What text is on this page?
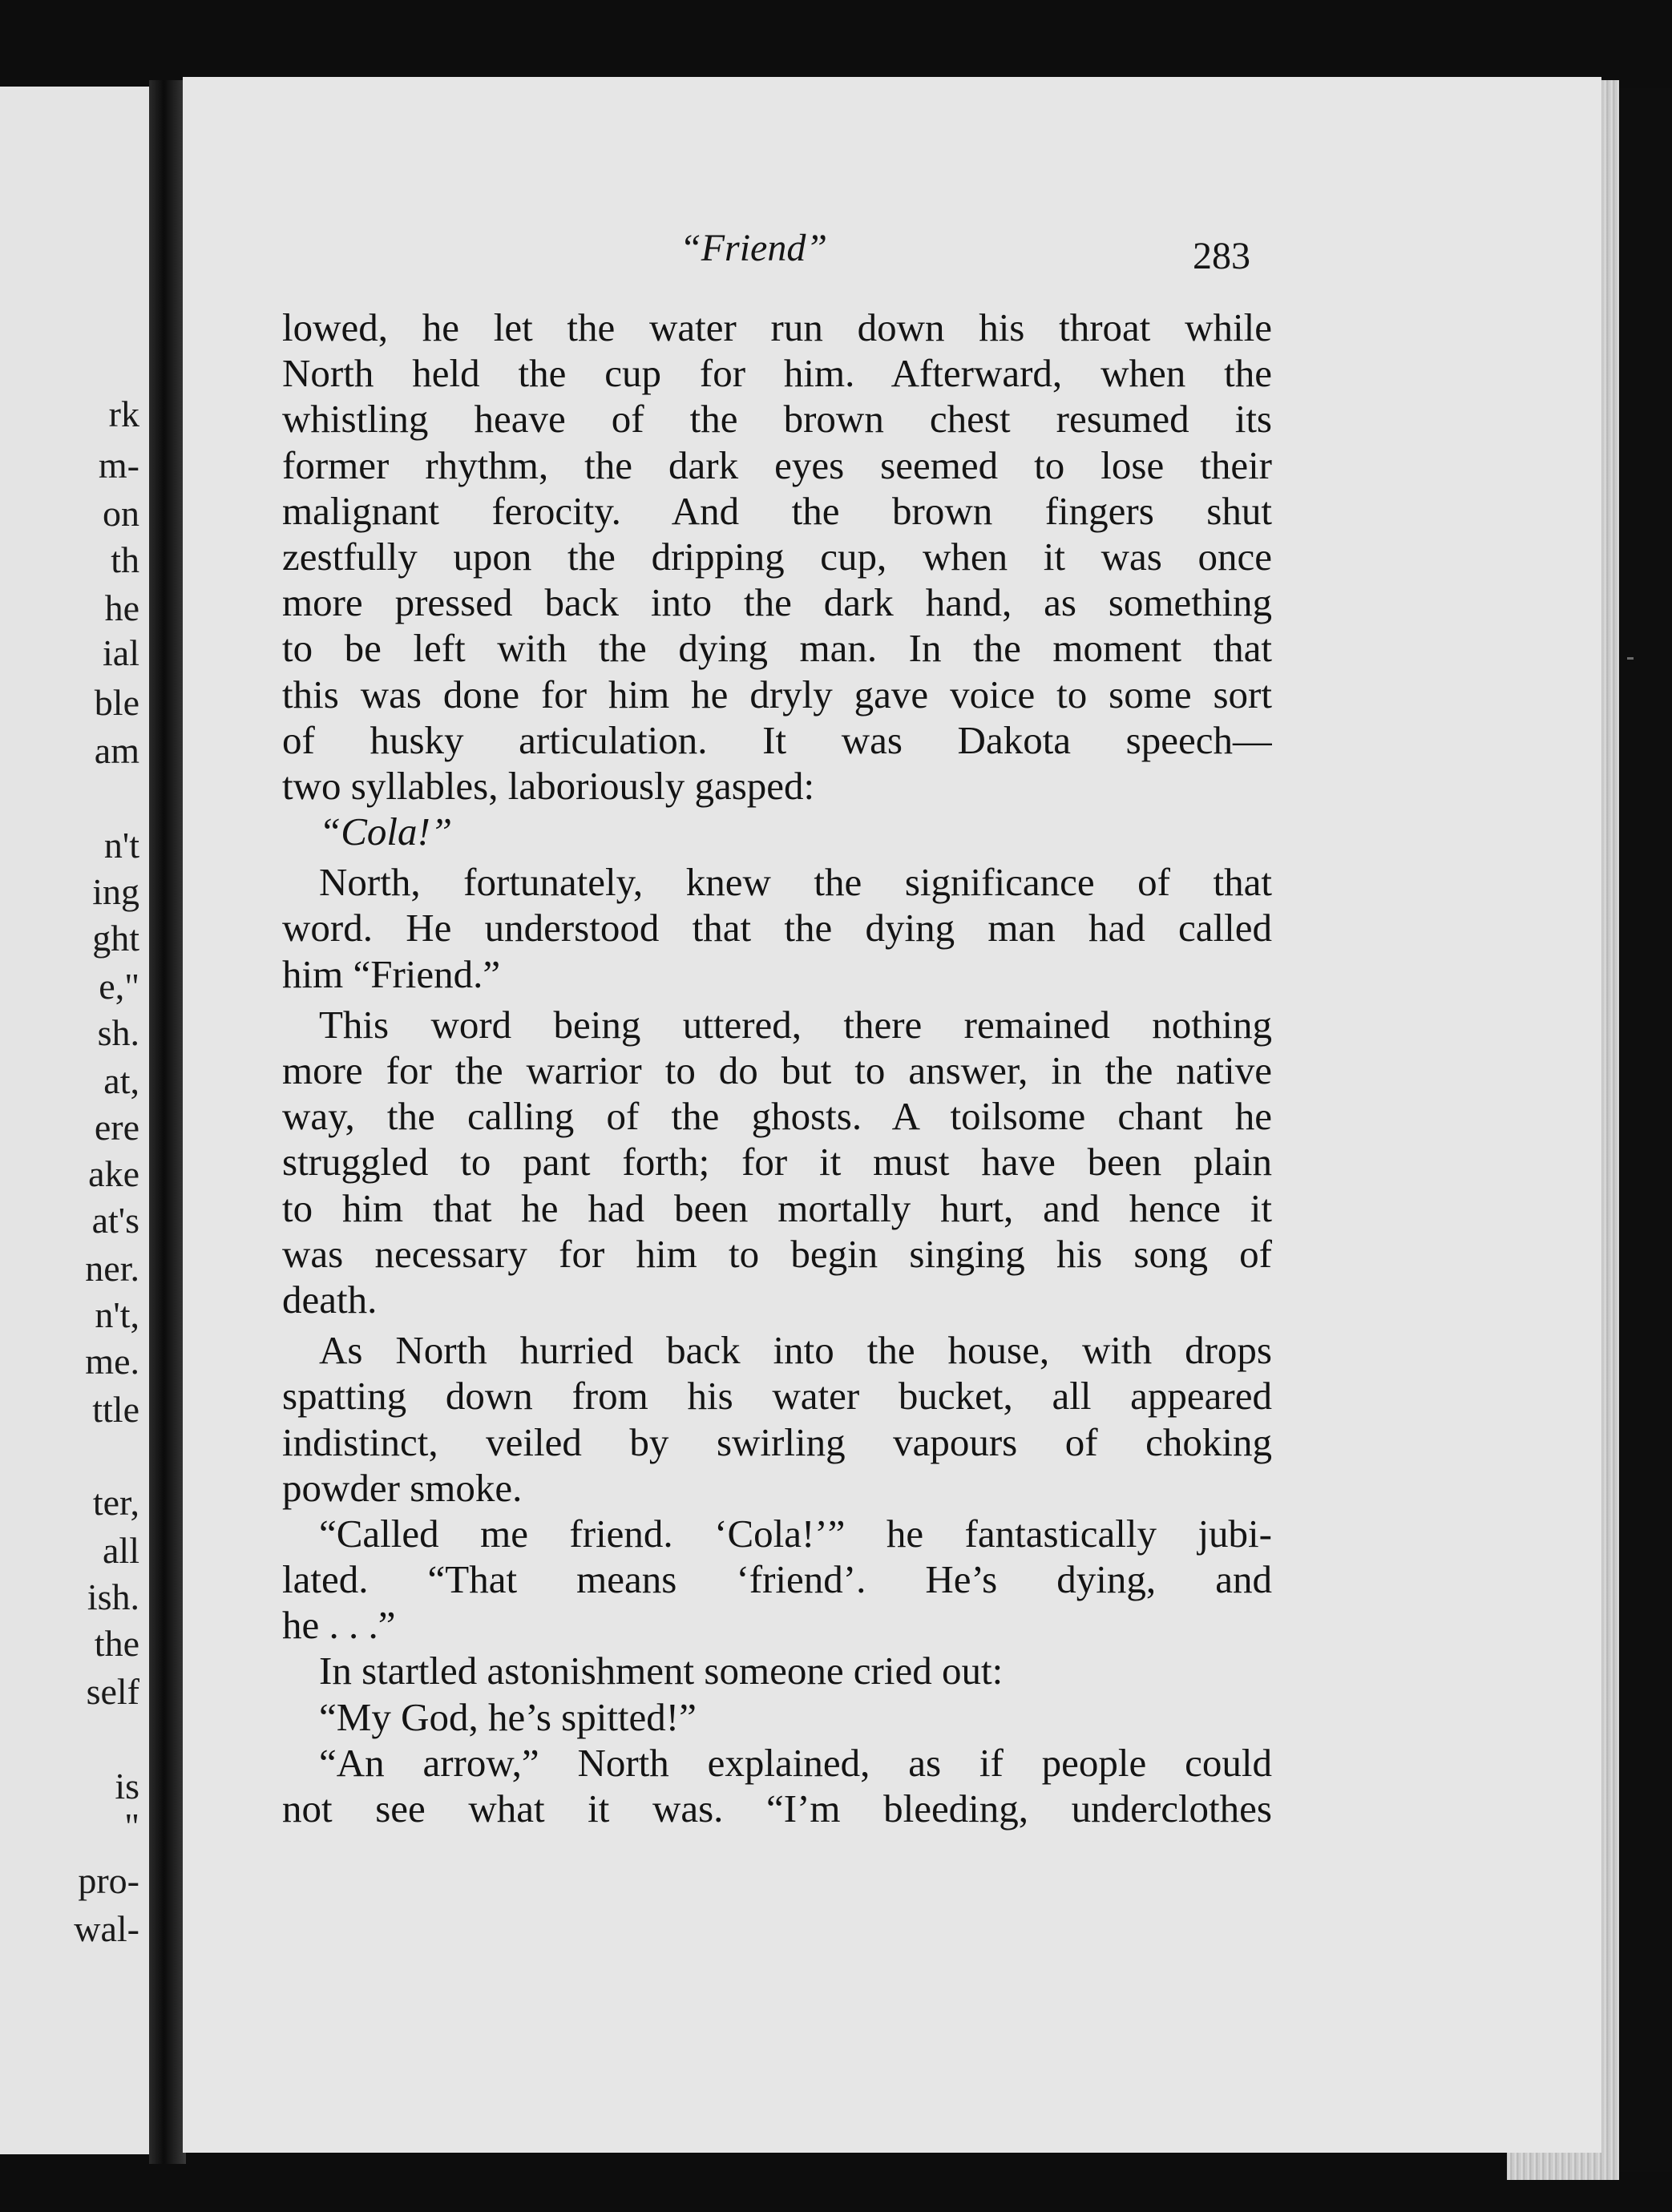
rk
m-
on
th
he
ial
ble
am
n't
ing
ght
e,"
sh.
at,
ere
ake
at's
ner.
n't,
me.
ttle
ter,
all
ish.
the
self
is
"
pro-
wal-
“Friend”	283
lowed, he let the water run down his throat while
North held the cup for him. Afterward, when the
whistling heave of the brown chest resumed its
former rhythm, the dark eyes seemed to lose their
malignant ferocity. And the brown fingers shut
zestfully upon the dripping cup, when it was once
more pressed back into the dark hand, as something
to be left with the dying man. In the moment that
this was done for him he dryly gave voice to some sort
of husky articulation. It was Dakota speech—
two syllables, laboriously gasped:
“Cola!”
North, fortunately, knew the significance of that
word. He understood that the dying man had called
him “Friend.”
This word being uttered, there remained nothing
more for the warrior to do but to answer, in the native
way, the calling of the ghosts. A toilsome chant he
struggled to pant forth; for it must have been plain
to him that he had been mortally hurt, and hence it
was necessary for him to begin singing his song of
death.
As North hurried back into the house, with drops
spatting down from his water bucket, all appeared
indistinct, veiled by swirling vapours of choking
powder smoke.
“Called me friend. ‘Cola!’” he fantastically jubi-
lated. “That means ‘friend’. He’s dying, and
he . . .”
In startled astonishment someone cried out:
“My God, he’s spitted!”
“An arrow,” North explained, as if people could
not see what it was. “I’m bleeding, underclothes
